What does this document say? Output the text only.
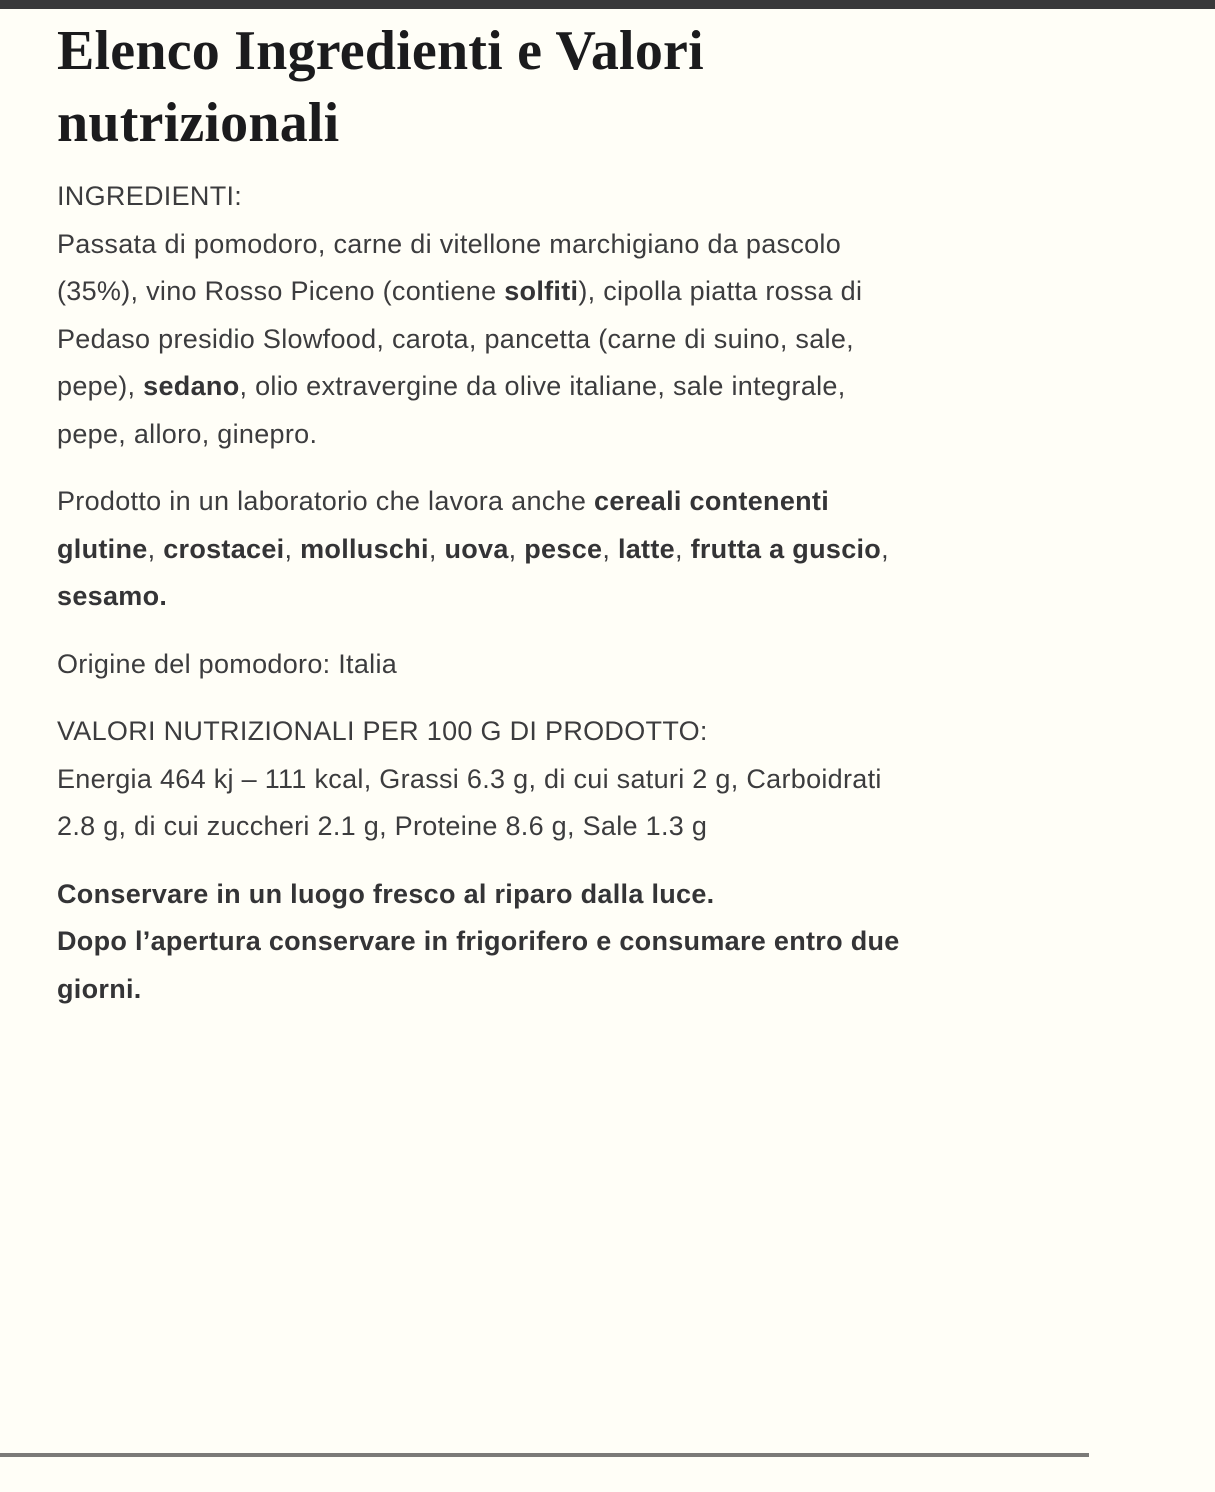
Elenco Ingredienti e Valori
nutrizionali

INGREDIENTI:
Passata di pomodoro, carne di vitellone marchigiano da pascolo
(35%), vino Rosso Piceno (contiene solfiti), cipolla piatta rossa di
Pedaso presidio Slowfood, carota, pancetta (carne di suino, sale,
pepe), sedano, olio extravergine da olive italiane, sale integrale,
pepe, alloro, ginepro.

Prodotto in un laboratorio che lavora anche cereali contenenti
glutine, crostacei, molluschi, uova, pesce, latte, frutta a guscio,
sesamo.

Origine del pomodoro: Italia

VALORI NUTRIZIONALI PER 100 G DI PRODOTTO:
Energia 464 kj – 111 kcal, Grassi 6.3 g, di cui saturi 2 g, Carboidrati
2.8 g, di cui zuccheri 2.1 g, Proteine 8.6 g, Sale 1.3 g

Conservare in un luogo fresco al riparo dalla luce.
Dopo l’apertura conservare in frigorifero e consumare entro due
giorni.
